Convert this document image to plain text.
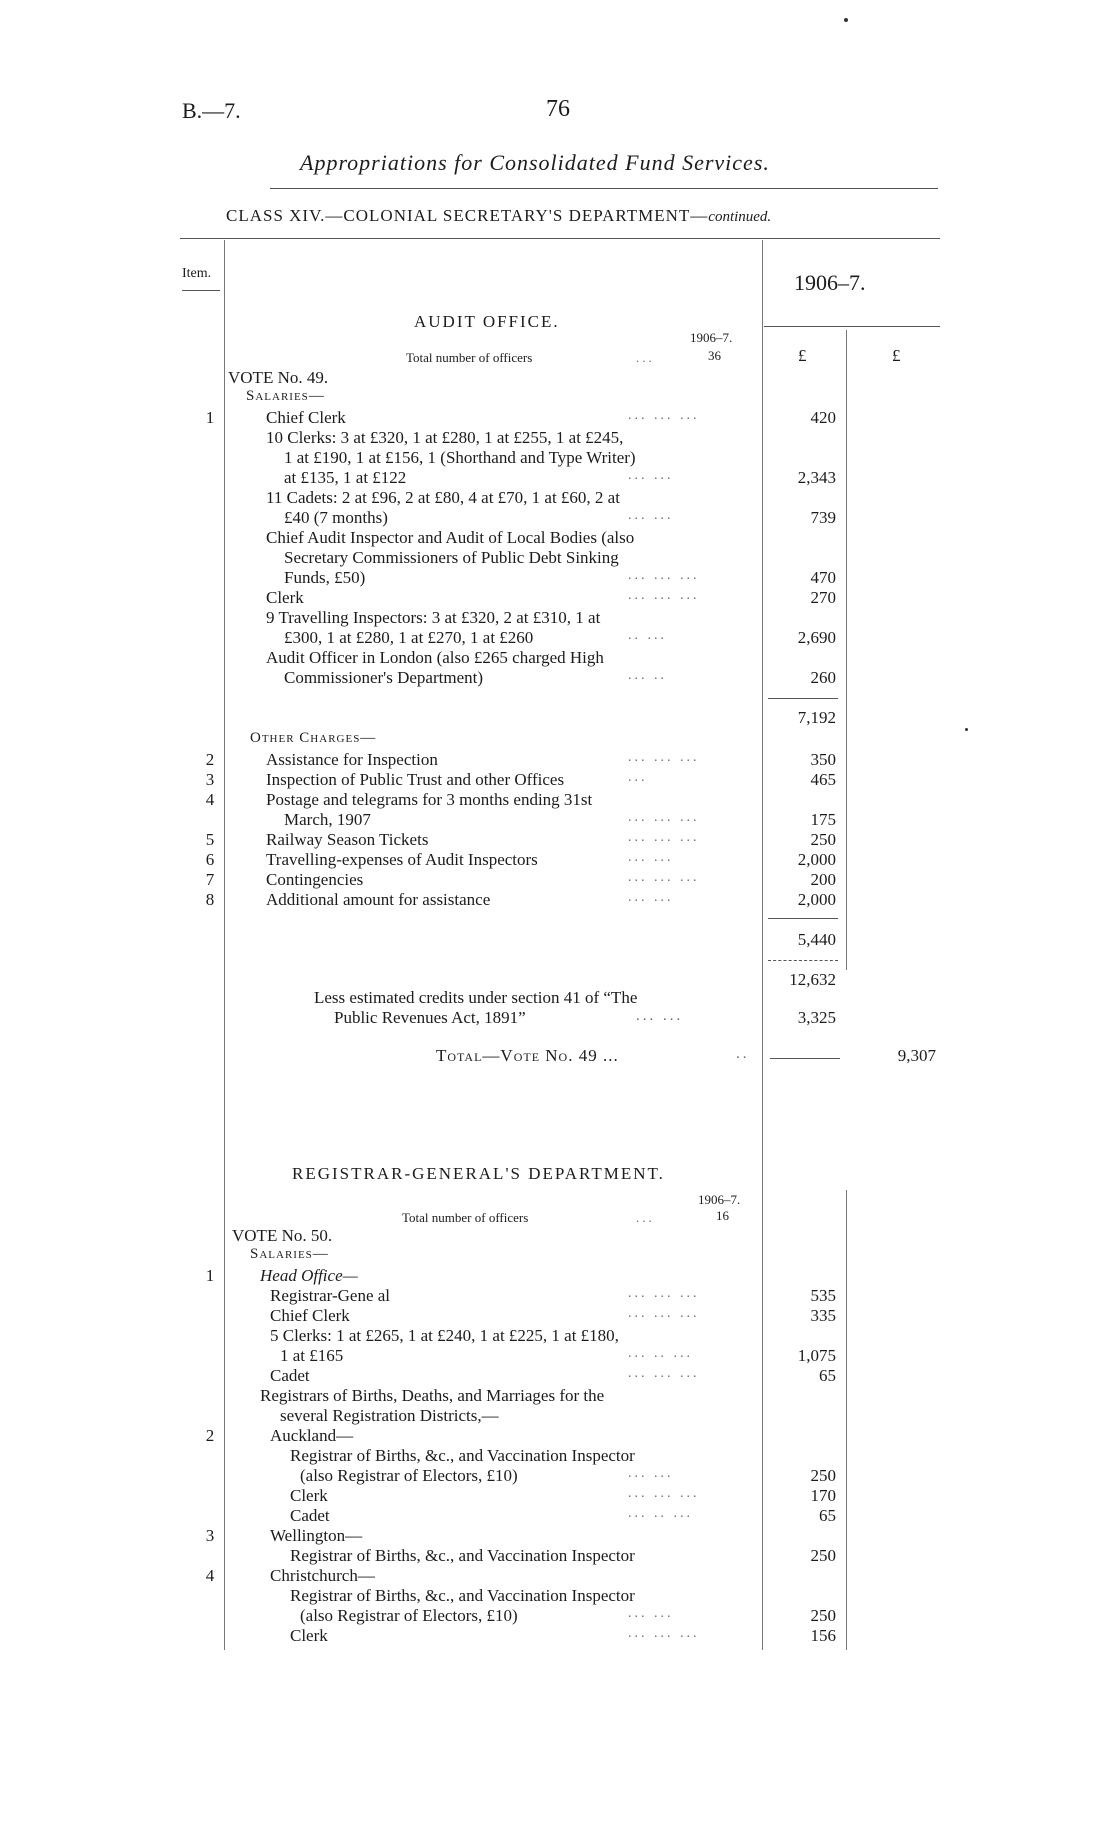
B.—7.	76
Appropriations for Consolidated Fund Services.
CLASS XIV.—COLONIAL SECRETARY'S DEPARTMENT—continued.
Item.	1906–7.
£	£
AUDIT OFFICE.
1906–7.
Total number of officers	...	36
VOTE No. 49.
Salaries—
1	Chief Clerk	... ... ...	420
10 Clerks: 3 at £320, 1 at £280, 1 at £255, 1 at £245,
1 at £190, 1 at £156, 1 (Shorthand and Type Writer)
at £135, 1 at £122	... ...	2,343
11 Cadets: 2 at £96, 2 at £80, 4 at £70, 1 at £60, 2 at
£40 (7 months)	... ...	739
Chief Audit Inspector and Audit of Local Bodies (also
Secretary Commissioners of Public Debt Sinking
Funds, £50)	... ... ...	470
Clerk	... ... ...	270
9 Travelling Inspectors: 3 at £320, 2 at £310, 1 at
£300, 1 at £280, 1 at £270, 1 at £260	.. ...	2,690
Audit Officer in London (also £265 charged High
Commissioner's Department)	... ..	260
7,192
Other Charges—
2	Assistance for Inspection	... ... ...	350
3	Inspection of Public Trust and other Offices	...	465
4	Postage and telegrams for 3 months ending 31st
March, 1907	... ... ...	175
5	Railway Season Tickets	... ... ...	250
6	Travelling-expenses of Audit Inspectors	... ...	2,000
7	Contingencies	... ... ...	200
8	Additional amount for assistance	... ...	2,000
5,440
12,632
Less estimated credits under section 41 of “The
Public Revenues Act, 1891”	... ...	3,325
Total—Vote No. 49 ...	..	9,307
REGISTRAR-GENERAL'S DEPARTMENT.
1906–7.
Total number of officers	...	16
VOTE No. 50.
Salaries—
1	Head Office—
Registrar-Gene al	... ... ...	535
Chief Clerk	... ... ...	335
5 Clerks: 1 at £265, 1 at £240, 1 at £225, 1 at £180,
1 at £165	... .. ...	1,075
Cadet	... ... ...	65
Registrars of Births, Deaths, and Marriages for the
several Registration Districts,—
2	Auckland—
Registrar of Births, &c., and Vaccination Inspector
(also Registrar of Electors, £10)	... ...	250
Clerk	... ... ...	170
Cadet	... .. ...	65
3	Wellington—
Registrar of Births, &c., and Vaccination Inspector	250
4	Christchurch—
Registrar of Births, &c., and Vaccination Inspector
(also Registrar of Electors, £10)	... ...	250
Clerk	... ... ...	156
